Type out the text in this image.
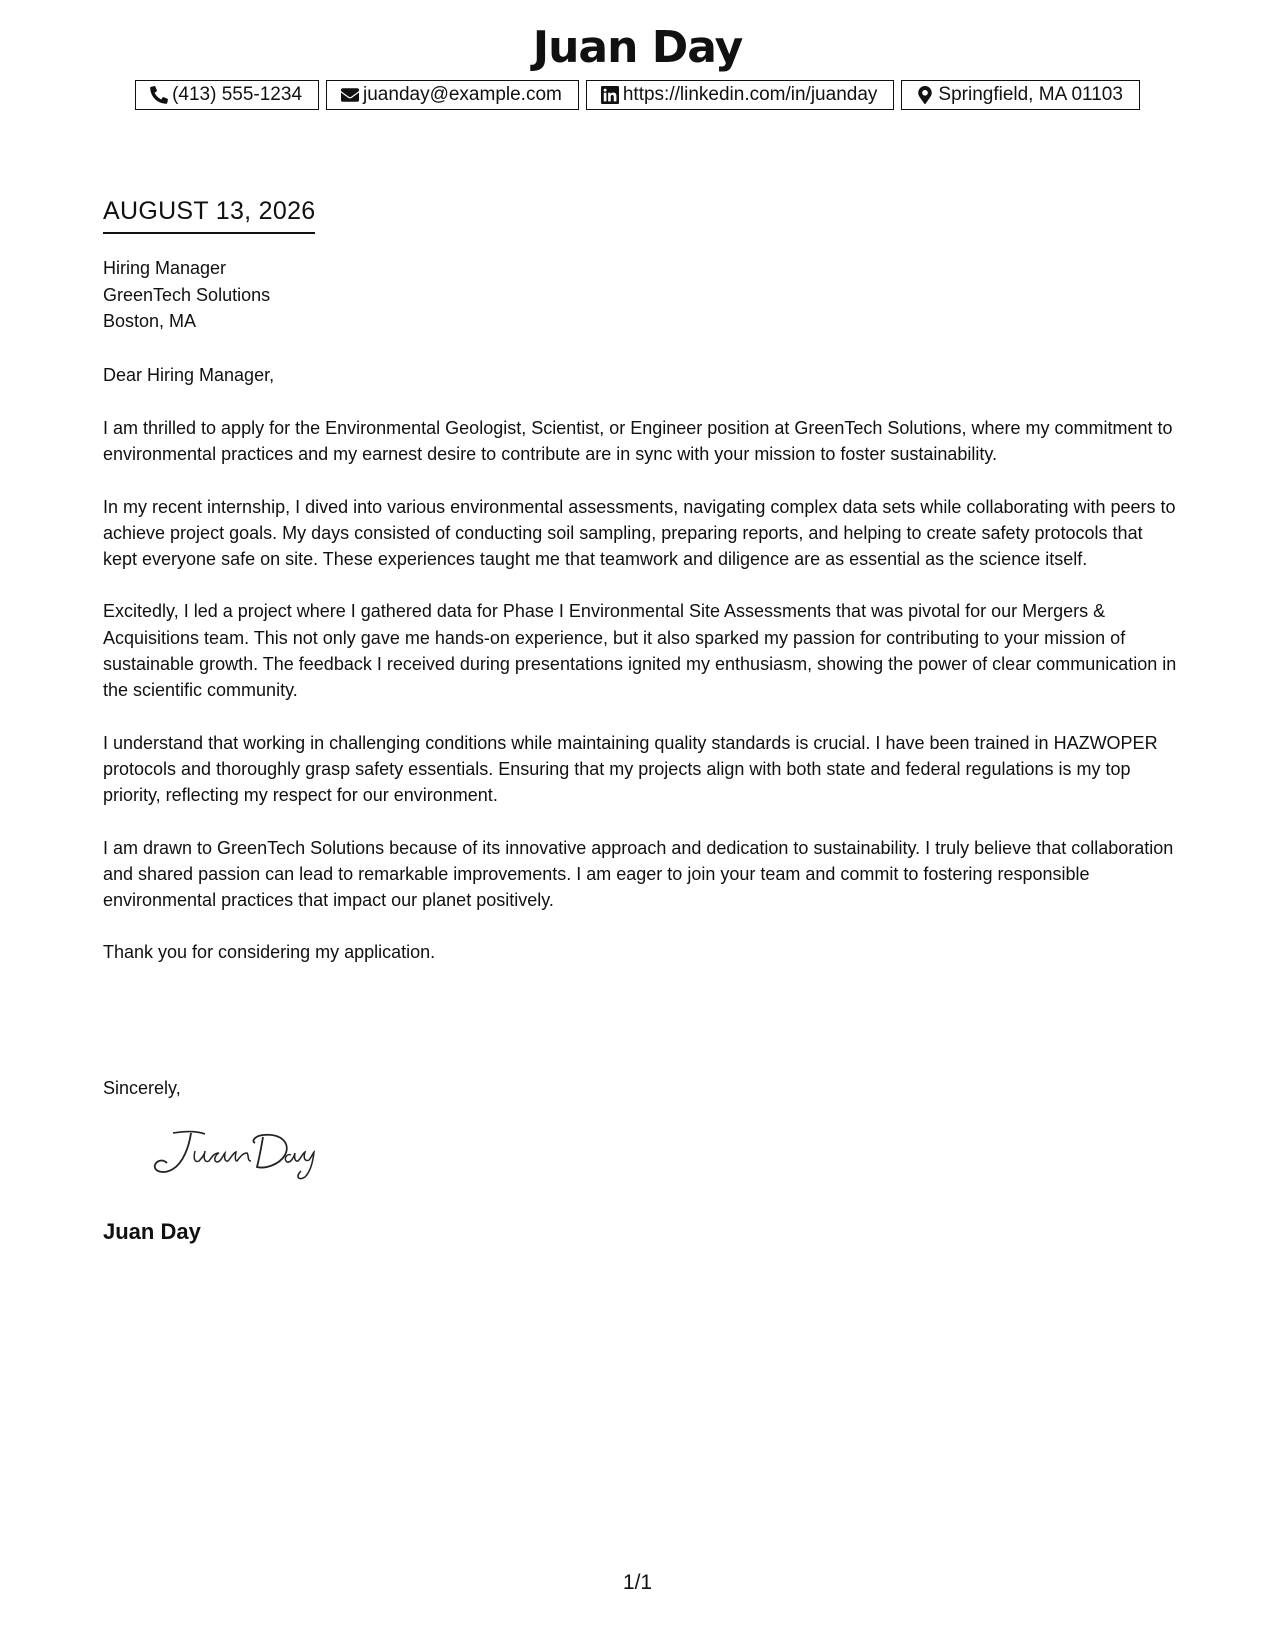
Juan Day
(413) 555-1234	juanday@example.com	https://linkedin.com/in/juanday	Springfield, MA 01103
AUGUST 13, 2026
Hiring Manager
GreenTech Solutions
Boston, MA
Dear Hiring Manager,

I am thrilled to apply for the Environmental Geologist, Scientist, or Engineer position at GreenTech Solutions, where my commitment to environmental practices and my earnest desire to contribute are in sync with your mission to foster sustainability.

In my recent internship, I dived into various environmental assessments, navigating complex data sets while collaborating with peers to achieve project goals. My days consisted of conducting soil sampling, preparing reports, and helping to create safety protocols that kept everyone safe on site. These experiences taught me that teamwork and diligence are as essential as the science itself.

Excitedly, I led a project where I gathered data for Phase I Environmental Site Assessments that was pivotal for our Mergers & Acquisitions team. This not only gave me hands-on experience, but it also sparked my passion for contributing to your mission of sustainable growth. The feedback I received during presentations ignited my enthusiasm, showing the power of clear communication in the scientific community.

I understand that working in challenging conditions while maintaining quality standards is crucial. I have been trained in HAZWOPER protocols and thoroughly grasp safety essentials. Ensuring that my projects align with both state and federal regulations is my top priority, reflecting my respect for our environment.

I am drawn to GreenTech Solutions because of its innovative approach and dedication to sustainability. I truly believe that collaboration and shared passion can lead to remarkable improvements. I am eager to join your team and commit to fostering responsible environmental practices that impact our planet positively.

Thank you for considering my application.

Sincerely,
Juan Day
1/1
